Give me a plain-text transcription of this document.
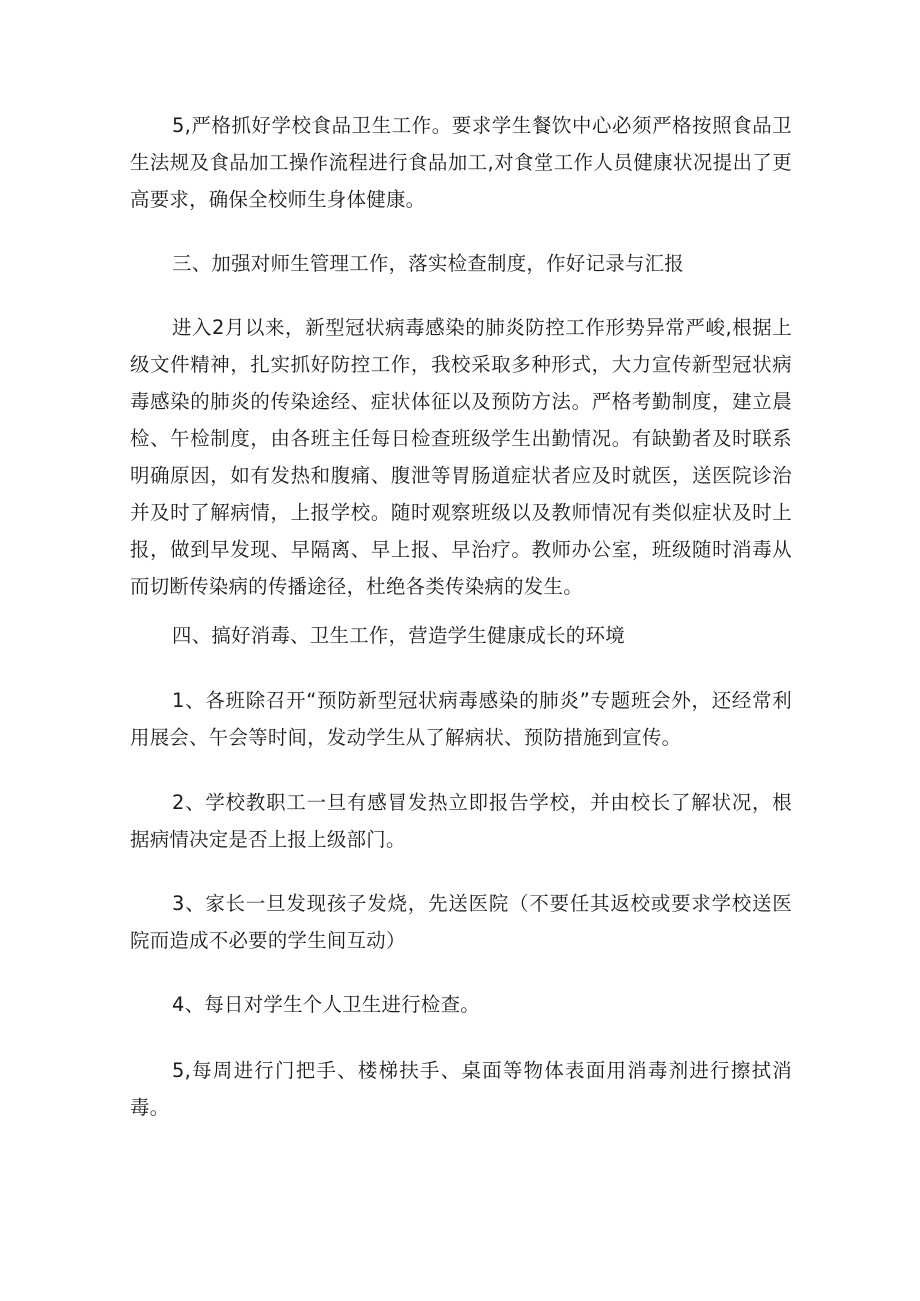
5,严格抓好学校食品卫生工作。要求学生餐饮中心必须严格按照食品卫生法规及食品加工操作流程进行食品加工,对食堂工作人员健康状况提出了更高要求，确保全校师生身体健康。

三、加强对师生管理工作，落实检查制度，作好记录与汇报

进入2月以来，新型冠状病毒感染的肺炎防控工作形势异常严峻,根据上级文件精神，扎实抓好防控工作，我校采取多种形式，大力宣传新型冠状病毒感染的肺炎的传染途经、症状体征以及预防方法。严格考勤制度，建立晨检、午检制度，由各班主任每日检查班级学生出勤情况。有缺勤者及时联系明确原因，如有发热和腹痛、腹泄等胃肠道症状者应及时就医，送医院诊治并及时了解病情，上报学校。随时观察班级以及教师情况有类似症状及时上报，做到早发现、早隔离、早上报、早治疗。教师办公室，班级随时消毒从而切断传染病的传播途径，杜绝各类传染病的发生。

四、搞好消毒、卫生工作，营造学生健康成长的环境

1、各班除召开“预防新型冠状病毒感染的肺炎”专题班会外，还经常利用展会、午会等时间，发动学生从了解病状、预防措施到宣传。

2、学校教职工一旦有感冒发热立即报告学校，并由校长了解状况，根据病情决定是否上报上级部门。

3、家长一旦发现孩子发烧，先送医院（不要任其返校或要求学校送医院而造成不必要的学生间互动）

4、每日对学生个人卫生进行检查。

5,每周进行门把手、楼梯扶手、桌面等物体表面用消毒剂进行擦拭消毒。
